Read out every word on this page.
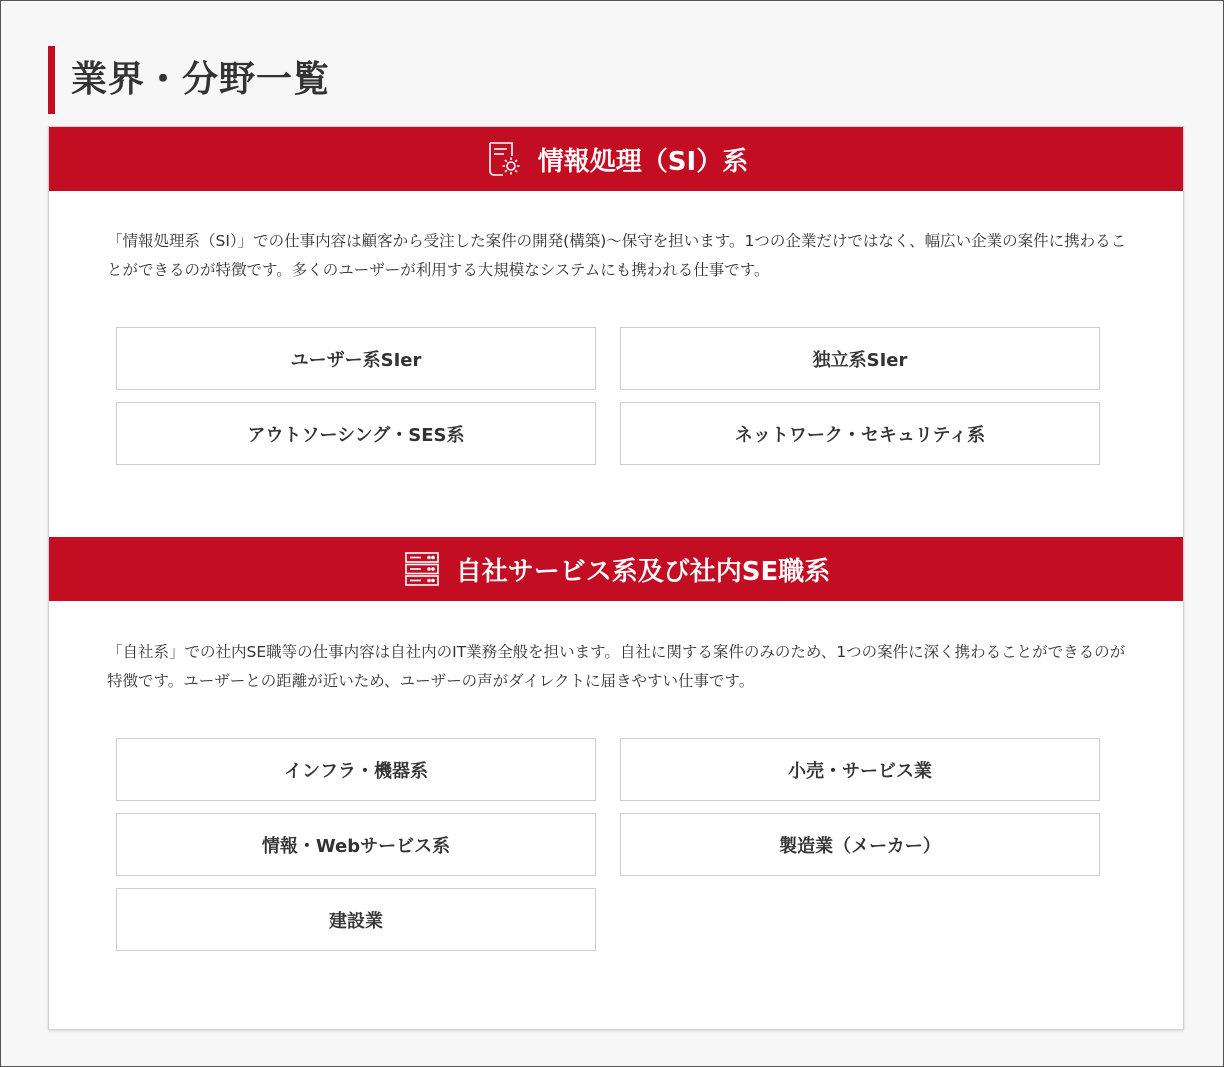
業界・分野一覧
情報処理（SI）系

「情報処理系（SI）」での仕事内容は顧客から受注した案件の開発(構築)〜保守を担います。1つの企業だけではなく、幅広い企業の案件に携わることができるのが特徴です。多くのユーザーが利用する大規模なシステムにも携われる仕事です。

ユーザー系SIer	独立系SIer
アウトソーシング・SES系	ネットワーク・セキュリティ系
自社サービス系及び社内SE職系

「自社系」での社内SE職等の仕事内容は自社内のIT業務全般を担います。自社に関する案件のみのため、1つの案件に深く携わることができるのが特徴です。ユーザーとの距離が近いため、ユーザーの声がダイレクトに届きやすい仕事です。

インフラ・機器系	小売・サービス業
情報・Webサービス系	製造業（メーカー）
建設業
